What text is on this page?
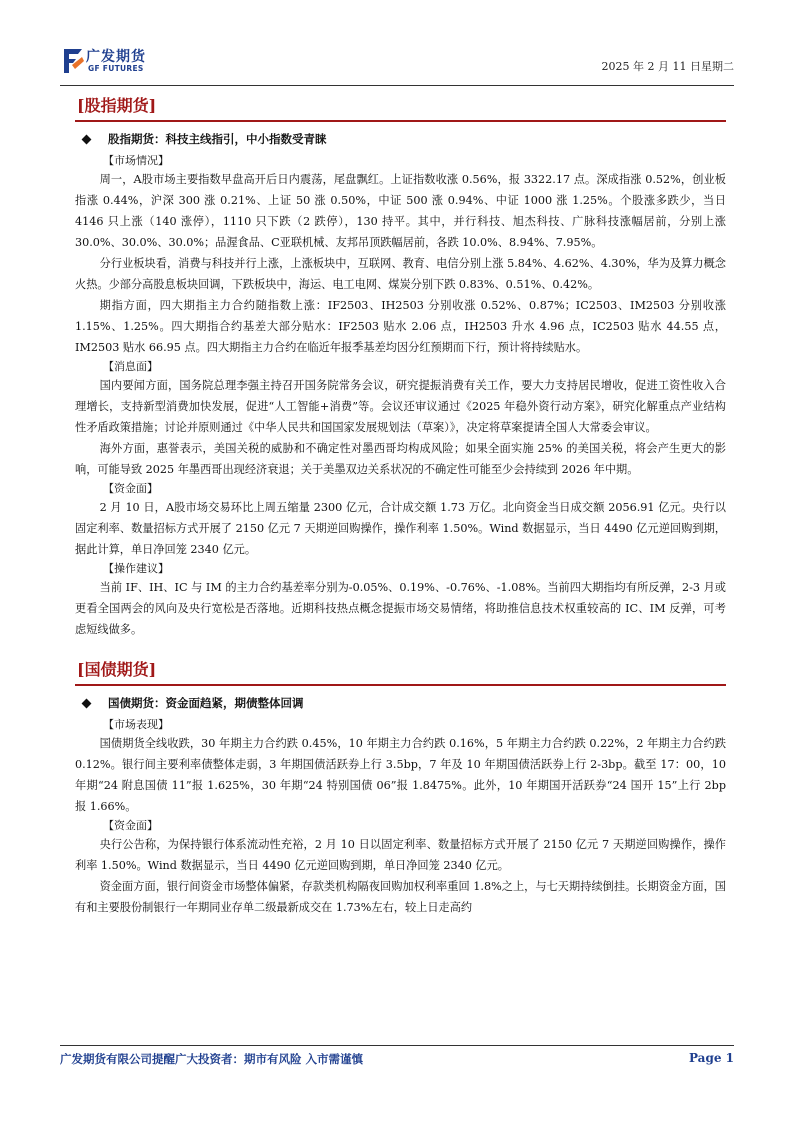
广发期货
GF FUTURES	2025 年 2 月 11 日星期二
[股指期货]
股指期货：科技主线指引，中小指数受青睐
【市场情况】

周一，A股市场主要指数早盘高开后日内震荡，尾盘飘红。上证指数收涨 0.56%，报 3322.17 点。深成指涨 0.52%，创业板指涨 0.44%，沪深 300 涨 0.21%、上证 50 涨 0.50%，中证 500 涨 0.94%、中证 1000 涨 1.25%。个股涨多跌少，当日 4146 只上涨（140 涨停），1110 只下跌（2 跌停），130 持平。其中，并行科技、旭杰科技、广脉科技涨幅居前，分别上涨 30.0%、30.0%、30.0%；品渥食品、C亚联机械、友邦吊顶跌幅居前，各跌 10.0%、8.94%、7.95%。

分行业板块看，消费与科技并行上涨，上涨板块中，互联网、教育、电信分别上涨 5.84%、4.62%、4.30%，华为及算力概念火热。少部分高股息板块回调，下跌板块中，海运、电工电网、煤炭分别下跌 0.83%、0.51%、0.42%。

期指方面，四大期指主力合约随指数上涨：IF2503、IH2503 分别收涨 0.52%、0.87%；IC2503、IM2503 分别收涨 1.15%、1.25%。四大期指合约基差大部分贴水：IF2503 贴水 2.06 点，IH2503 升水 4.96 点，IC2503 贴水 44.55 点，IM2503 贴水 66.95 点。四大期指主力合约在临近年报季基差均因分红预期而下行，预计将持续贴水。

【消息面】

国内要闻方面，国务院总理李强主持召开国务院常务会议，研究提振消费有关工作，要大力支持居民增收，促进工资性收入合理增长，支持新型消费加快发展，促进“人工智能+消费”等。会议还审议通过《2025 年稳外资行动方案》，研究化解重点产业结构性矛盾政策措施；讨论并原则通过《中华人民共和国国家发展规划法（草案）》，决定将草案提请全国人大常委会审议。

海外方面，惠誉表示，美国关税的威胁和不确定性对墨西哥均构成风险；如果全面实施 25% 的美国关税，将会产生更大的影响，可能导致 2025 年墨西哥出现经济衰退；关于美墨双边关系状况的不确定性可能至少会持续到 2026 年中期。

【资金面】

2 月 10 日，A股市场交易环比上周五缩量 2300 亿元，合计成交额 1.73 万亿。北向资金当日成交额 2056.91 亿元。央行以固定利率、数量招标方式开展了 2150 亿元 7 天期逆回购操作，操作利率 1.50%。Wind 数据显示，当日 4490 亿元逆回购到期，据此计算，单日净回笼 2340 亿元。

【操作建议】

当前 IF、IH、IC 与 IM 的主力合约基差率分别为-0.05%、0.19%、-0.76%、-1.08%。当前四大期指均有所反弹，2-3 月或更看全国两会的风向及央行宽松是否落地。近期科技热点概念提振市场交易情绪，将助推信息技术权重较高的 IC、IM 反弹，可考虑短线做多。

[国债期货]
国债期货：资金面趋紧，期债整体回调
【市场表现】

国债期货全线收跌，30 年期主力合约跌 0.45%，10 年期主力合约跌 0.16%，5 年期主力合约跌 0.22%，2 年期主力合约跌 0.12%。银行间主要利率债整体走弱，3 年期国债活跃券上行 3.5bp，7 年及 10 年期国债活跃券上行 2-3bp。截至 17：00，10 年期“24 附息国债 11”报 1.625%，30 年期“24 特别国债 06”报 1.8475%。此外，10 年期国开活跃券“24 国开 15”上行 2bp 报 1.66%。

【资金面】

央行公告称，为保持银行体系流动性充裕，2 月 10 日以固定利率、数量招标方式开展了 2150 亿元 7 天期逆回购操作，操作利率 1.50%。Wind 数据显示，当日 4490 亿元逆回购到期，单日净回笼 2340 亿元。

资金面方面，银行间资金市场整体偏紧，存款类机构隔夜回购加权利率重回 1.8%之上，与七天期持续倒挂。长期资金方面，国有和主要股份制银行一年期同业存单二级最新成交在 1.73%左右，较上日走高约

广发期货有限公司提醒广大投资者：期市有风险 入市需谨慎	Page 1
